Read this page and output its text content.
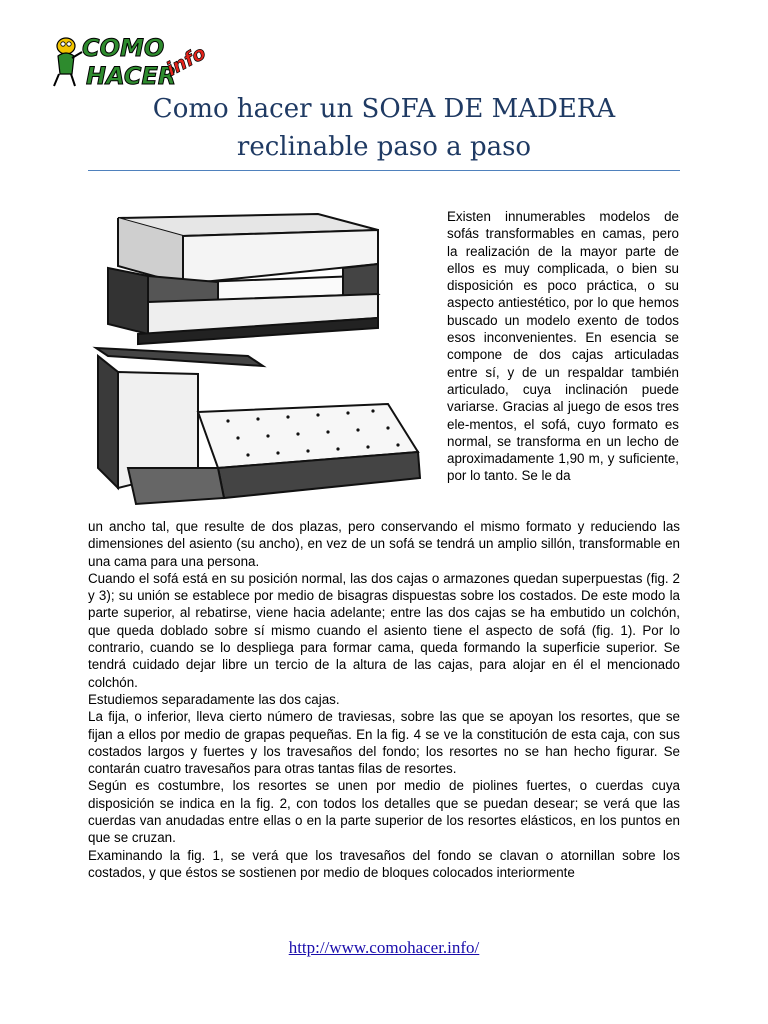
COMO
HACER
info
Como hacer un SOFA DE MADERA
reclinable paso a paso

Existen innumerables modelos de sofás transformables en camas, pero la realización de la mayor parte de ellos es muy complicada, o bien su disposición es poco práctica, o su aspecto antiestético, por lo que hemos buscado un modelo exento de todos esos inconvenientes. En esencia se compone de dos cajas articuladas entre sí, y de un respaldar también articulado, cuya inclinación puede variarse. Gracias al juego de esos tres ele-mentos, el sofá, cuyo formato es normal, se transforma en un lecho de aproximadamente 1,90 m, y suficiente, por lo tanto. Se le da

un ancho tal, que resulte de dos plazas, pero conservando el mismo formato y reduciendo las dimensiones del asiento (su ancho), en vez de un sofá se tendrá un amplio sillón, transformable en una cama para una persona.

Cuando el sofá está en su posición normal, las dos cajas o armazones quedan superpuestas (fig. 2 y 3); su unión se establece por medio de bisagras dispuestas sobre los costados. De este modo la parte superior, al rebatirse, viene hacia adelante; entre las dos cajas se ha embutido un colchón, que queda doblado sobre sí mismo cuando el asiento tiene el aspecto de sofá (fig. 1). Por lo contrario, cuando se lo despliega para formar cama, queda formando la superficie superior. Se tendrá cuidado dejar libre un tercio de la altura de las cajas, para alojar en él el mencionado colchón.

Estudiemos separadamente las dos cajas.

La fija, o inferior, lleva cierto número de traviesas, sobre las que se apoyan los resortes, que se fijan a ellos por medio de grapas pequeñas. En la fig. 4 se ve la constitución de esta caja, con sus costados largos y fuertes y los travesaños del fondo; los resortes no se han hecho figurar. Se contarán cuatro travesaños para otras tantas filas de resortes.

Según es costumbre, los resortes se unen por medio de piolines fuertes, o cuerdas cuya disposición se indica en la fig. 2, con todos los detalles que se puedan desear; se verá que las cuerdas van anudadas entre ellas o en la parte superior de los resortes elásticos, en los puntos en que se cruzan.

Examinando la fig. 1, se verá que los travesaños del fondo se clavan o atornillan sobre los costados, y que éstos se sostienen por medio de bloques colocados interiormente

http://www.comohacer.info/
